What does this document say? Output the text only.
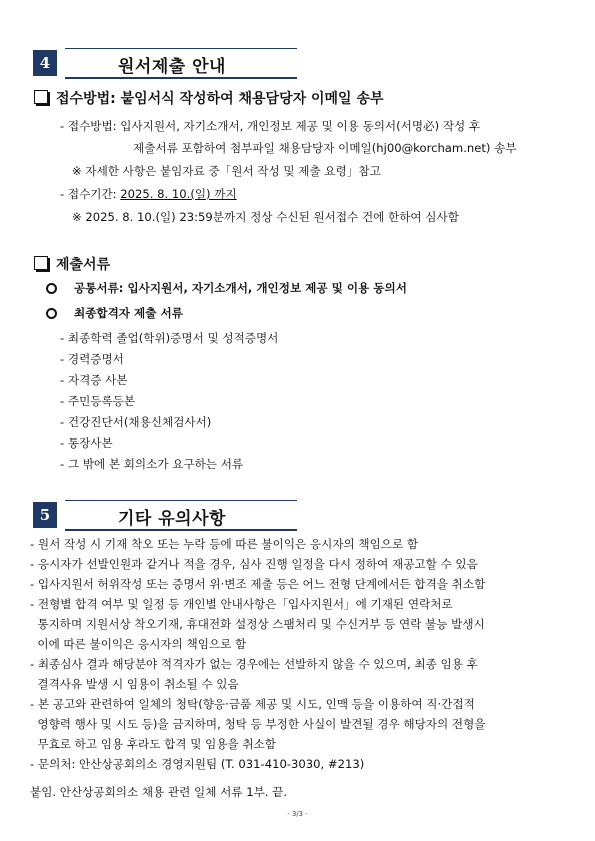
4	원서제출 안내
접수방법: 붙임서식 작성하여 채용담당자 이메일 송부
- 접수방법: 입사지원서, 자기소개서, 개인정보 제공 및 이용 동의서(서명必) 작성 후
제출서류 포함하여 첨부파일 채용담당자 이메일(hj00@korcham.net) 송부
※ 자세한 사항은 붙임자료 중「원서 작성 및 제출 요령」참고
- 접수기간: 2025. 8. 10.(일) 까지
※ 2025. 8. 10.(일) 23:59분까지 정상 수신된 원서접수 건에 한하여 심사함
제출서류
공통서류: 입사지원서, 자기소개서, 개인정보 제공 및 이용 동의서
최종합격자 제출 서류
- 최종학력 졸업(학위)증명서 및 성적증명서
- 경력증명서
- 자격증 사본
- 주민등록등본
- 건강진단서(채용신체검사서)
- 통장사본
- 그 밖에 본 회의소가 요구하는 서류
5	기타 유의사항
- 원서 작성 시 기재 착오 또는 누락 등에 따른 불이익은 응시자의 책임으로 함
- 응시자가 선발인원과 같거나 적을 경우, 심사 진행 일정을 다시 정하여 재공고할 수 있음
- 입사지원서 허위작성 또는 증명서 위·변조 제출 등은 어느 전형 단계에서든 합격을 취소함
- 전형별 합격 여부 및 일정 등 개인별 안내사항은「입사지원서」에 기재된 연락처로
통지하며 지원서상 착오기재, 휴대전화 설정상 스팸처리 및 수신거부 등 연락 불능 발생시
이에 따른 불이익은 응시자의 책임으로 함
- 최종심사 결과 해당분야 적격자가 없는 경우에는 선발하지 않을 수 있으며, 최종 임용 후
결격사유 발생 시 임용이 취소될 수 있음
- 본 공고와 관련하여 일체의 청탁(향응·금품 제공 및 시도, 인맥 등을 이용하여 직·간접적
영향력 행사 및 시도 등)을 금지하며, 청탁 등 부정한 사실이 발견될 경우 해당자의 전형을
무효로 하고 임용 후라도 합격 및 임용을 취소함
- 문의처: 안산상공회의소 경영지원팀 (T. 031-410-3030, #213)
붙임. 안산상공회의소 채용 관련 일체 서류 1부. 끝.
- 3/3 -
